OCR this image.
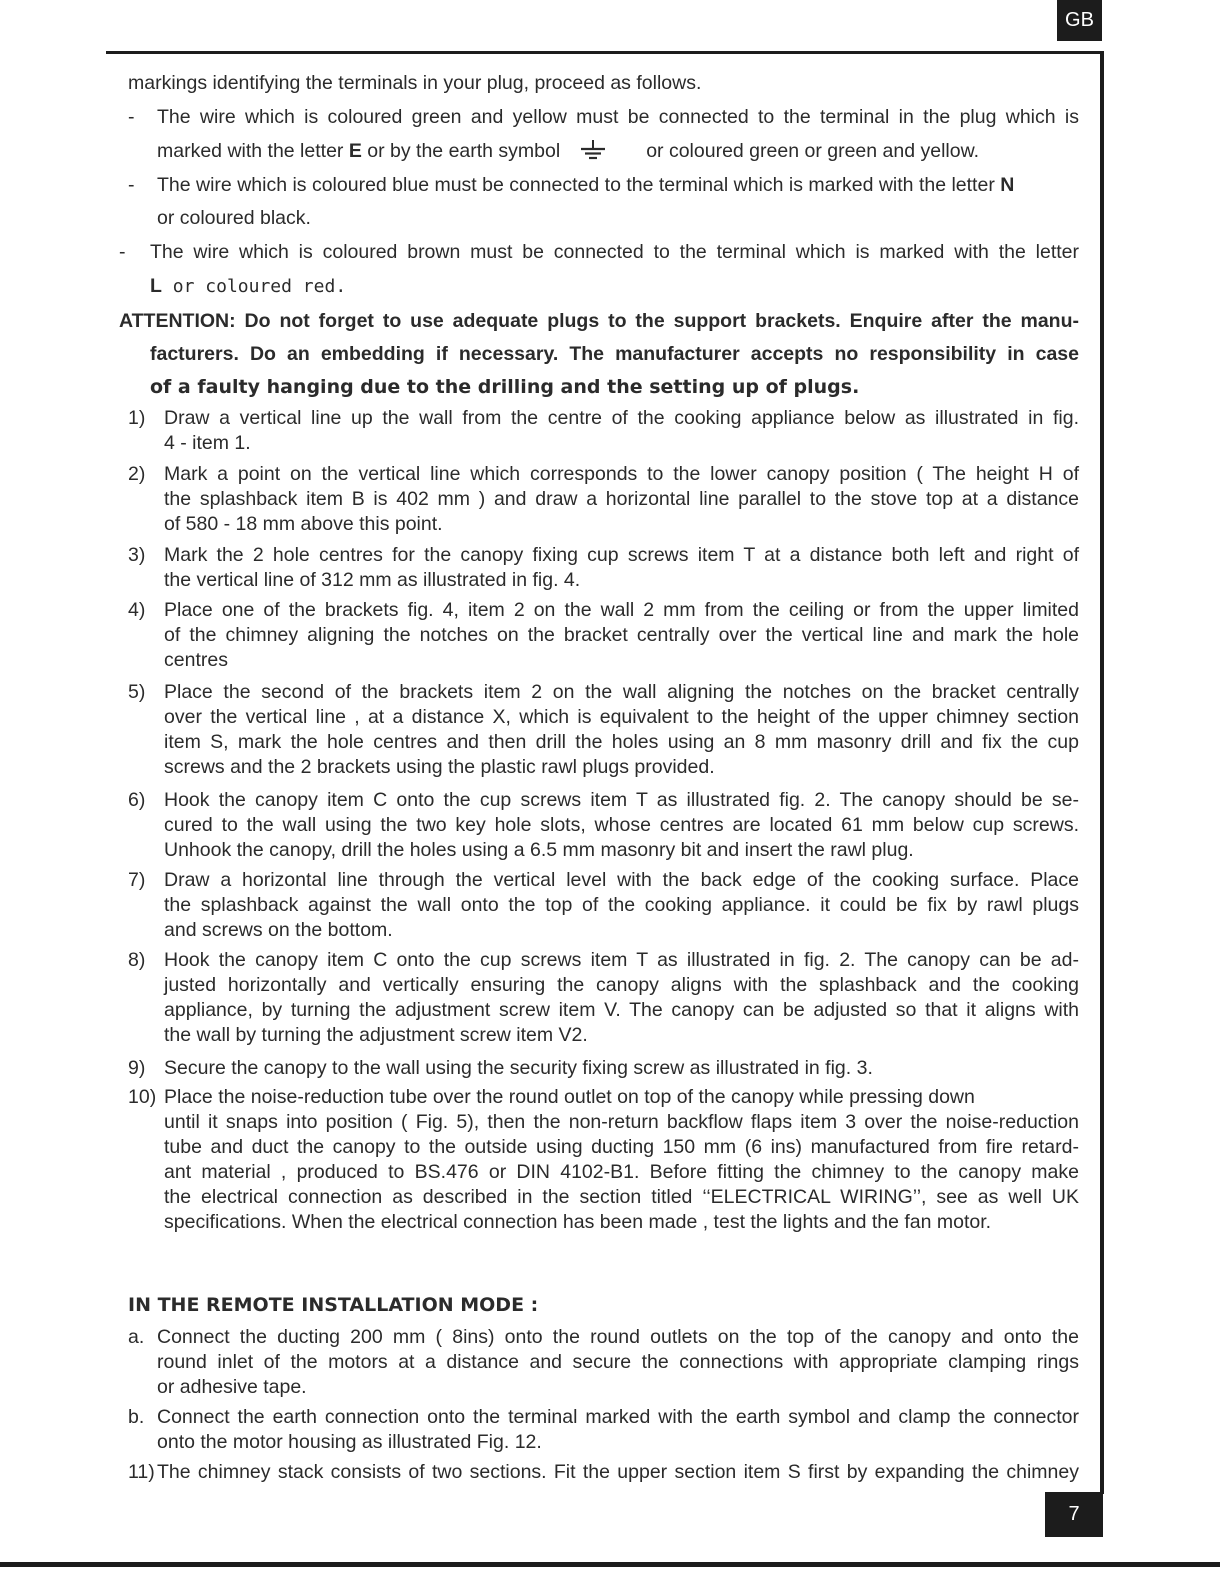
GB
7
markings identifying the terminals in your plug, proceed as follows.
- The wire which is coloured green and yellow must be connected to the terminal in the plug which is
marked with the letter E or by the earth symbol	or coloured green or green and yellow.
- The wire which is coloured blue must be connected to the terminal which is marked with the letter N
or coloured black.
- The wire which is coloured brown must be connected to the terminal which is marked with the letter
L or coloured red.
ATTENTION: Do not forget to use adequate plugs to the support brackets. Enquire after the manu-
facturers. Do an embedding if necessary. The manufacturer accepts no responsibility in case
of a faulty hanging due to the drilling and the setting up of plugs.
1) Draw a vertical line up the wall from the centre of the cooking appliance below as illustrated in fig.
4 - item 1.
2) Mark a point on the vertical line which corresponds to the lower canopy position ( The height H of
the splashback item B is 402 mm ) and draw a horizontal line parallel to the stove top at a distance
of 580 - 18 mm above this point.
3) Mark the 2 hole centres for the canopy fixing cup screws item T at a distance both left and right of
the vertical line of 312 mm as illustrated in fig. 4.
4) Place one of the brackets fig. 4, item 2 on the wall 2 mm from the ceiling or from the upper limited
of the chimney aligning the notches on the bracket centrally over the vertical line and mark the hole
centres
5) Place the second of the brackets item 2 on the wall aligning the notches on the bracket centrally
over the vertical line , at a distance X, which is equivalent to the height of the upper chimney section
item S, mark the hole centres and then drill the holes using an 8 mm masonry drill and fix the cup
screws and the 2 brackets using the plastic rawl plugs provided.
6) Hook the canopy item C onto the cup screws item T as illustrated fig. 2. The canopy should be se-
cured to the wall using the two key hole slots, whose centres are located 61 mm below cup screws.
Unhook the canopy, drill the holes using a 6.5 mm masonry bit and insert the rawl plug.
7) Draw a horizontal line through the vertical level with the back edge of the cooking surface. Place
the splashback against the wall onto the top of the cooking appliance. it could be fix by rawl plugs
and screws on the bottom.
8) Hook the canopy item C onto the cup screws item T as illustrated in fig. 2. The canopy can be ad-
justed horizontally and vertically ensuring the canopy aligns with the splashback and the cooking
appliance, by turning the adjustment screw item V. The canopy can be adjusted so that it aligns with
the wall by turning the adjustment screw item V2.
9) Secure the canopy to the wall using the security fixing screw as illustrated in fig. 3.
10) Place the noise-reduction tube over the round outlet on top of the canopy while pressing down
until it snaps into position ( Fig. 5), then the non-return backflow flaps item 3 over the noise-reduction
tube and duct the canopy to the outside using ducting 150 mm (6 ins) manufactured from fire retard-
ant material , produced to BS.476 or DIN 4102-B1. Before fitting the chimney to the canopy make
the electrical connection as described in the section titled ‘‘ELECTRICAL WIRING’’, see as well UK
specifications. When the electrical connection has been made , test the lights and the fan motor.
IN THE REMOTE INSTALLATION MODE :
a. Connect the ducting 200 mm ( 8ins) onto the round outlets on the top of the canopy and onto the
round inlet of the motors at a distance and secure the connections with appropriate clamping rings
or adhesive tape.
b. Connect the earth connection onto the terminal marked with the earth symbol and clamp the connector
onto the motor housing as illustrated Fig. 12.
11) The chimney stack consists of two sections. Fit the upper section item S first by expanding the chimney
